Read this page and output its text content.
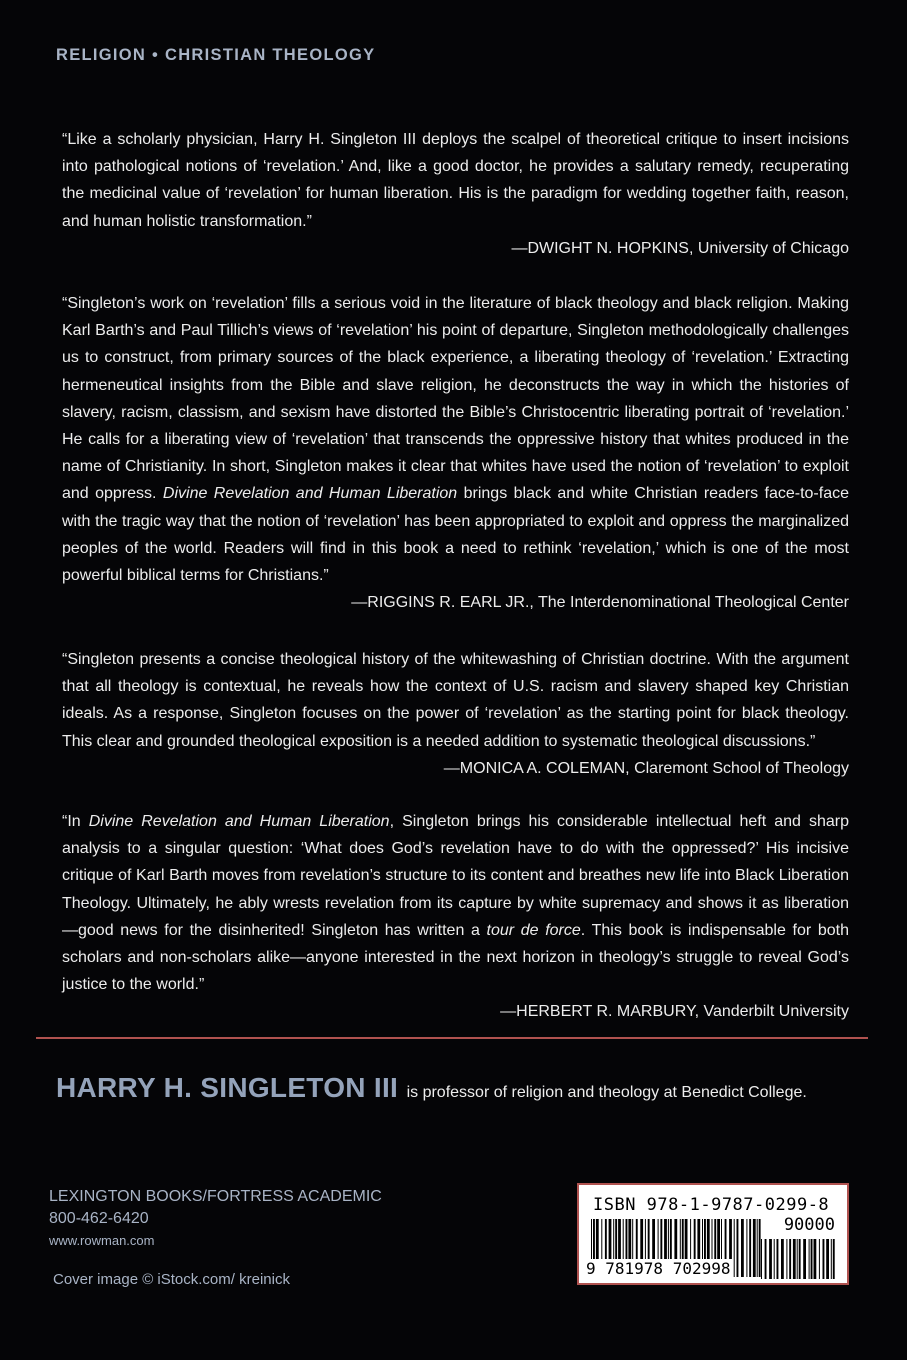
RELIGION • CHRISTIAN THEOLOGY
“Like a scholarly physician, Harry H. Singleton III deploys the scalpel of theoretical critique to insert incisions into pathological notions of ‘revelation.’ And, like a good doctor, he provides a salutary remedy, recuperating the medicinal value of ‘revelation’ for human liberation. His is the paradigm for wedding together faith, reason, and human holistic transformation.”
—DWIGHT N. HOPKINS, University of Chicago
“Singleton’s work on ‘revelation’ fills a serious void in the literature of black theology and black religion. Making Karl Barth’s and Paul Tillich’s views of ‘revelation’ his point of departure, Singleton methodologically challenges us to construct, from primary sources of the black experience, a liberating theology of ‘revelation.’ Extracting hermeneutical insights from the Bible and slave religion, he deconstructs the way in which the histories of slavery, racism, classism, and sexism have distorted the Bible’s Christocentric liberating portrait of ‘revelation.’ He calls for a liberating view of ‘revelation’ that transcends the oppressive history that whites produced in the name of Christianity. In short, Singleton makes it clear that whites have used the notion of ‘revelation’ to exploit and oppress. Divine Revelation and Human Liberation brings black and white Christian readers face-to-face with the tragic way that the notion of ‘revelation’ has been appropriated to exploit and oppress the marginalized peoples of the world. Readers will find in this book a need to rethink ‘revelation,’ which is one of the most powerful biblical terms for Christians.”
—RIGGINS R. EARL JR., The Interdenominational Theological Center
“Singleton presents a concise theological history of the whitewashing of Christian doctrine. With the argument that all theology is contextual, he reveals how the context of U.S. racism and slavery shaped key Christian ideals. As a response, Singleton focuses on the power of ‘revelation’ as the starting point for black theology. This clear and grounded theological exposition is a needed addition to systematic theological discussions.”
—MONICA A. COLEMAN, Claremont School of Theology
“In Divine Revelation and Human Liberation, Singleton brings his considerable intellectual heft and sharp analysis to a singular question: ‘What does God’s revelation have to do with the oppressed?’ His incisive critique of Karl Barth moves from revelation’s structure to its content and breathes new life into Black Liberation Theology. Ultimately, he ably wrests revelation from its capture by white supremacy and shows it as liberation—good news for the disinherited! Singleton has written a tour de force. This book is indispensable for both scholars and non-scholars alike—anyone interested in the next horizon in theology’s struggle to reveal God’s justice to the world.”
—HERBERT R. MARBURY, Vanderbilt University
HARRY H. SINGLETON III is professor of religion and theology at Benedict College.
LEXINGTON BOOKS/FORTRESS ACADEMIC
800-462-6420
www.rowman.com
Cover image © iStock.com/ kreinick
ISBN 978-1-9787-0299-8
90000
9 781978 702998
